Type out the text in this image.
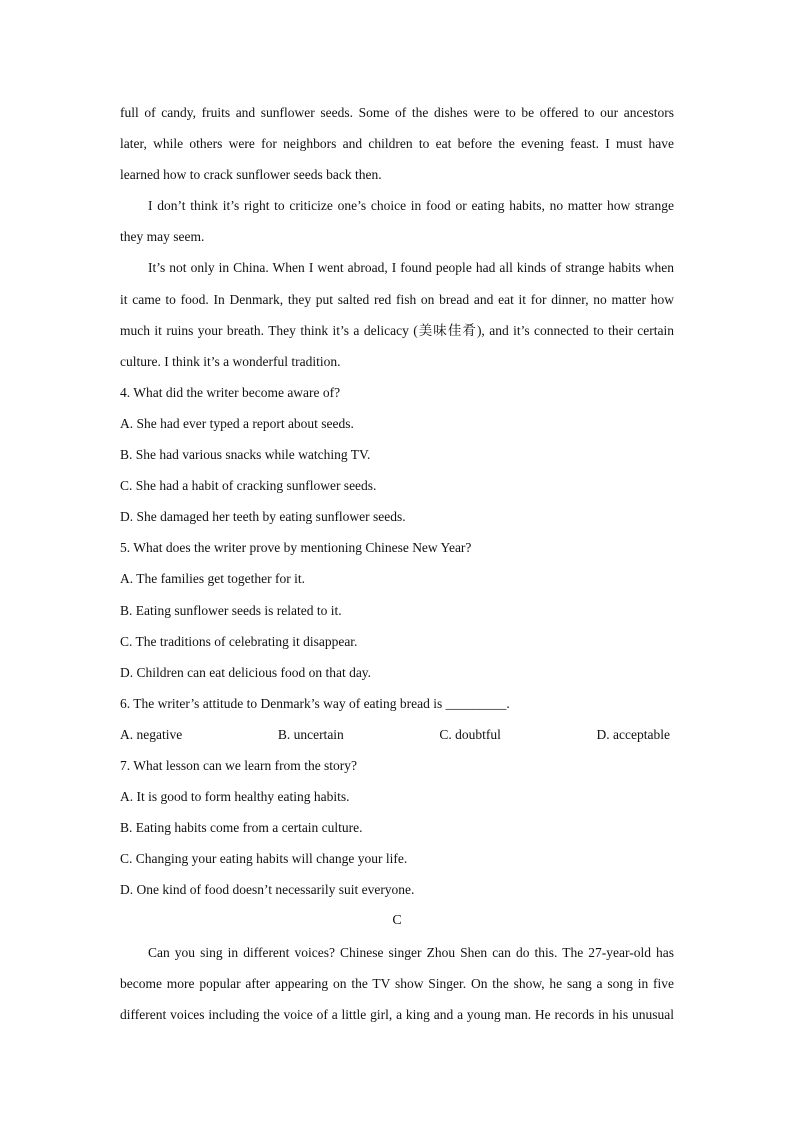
full of candy, fruits and sunflower seeds. Some of the dishes were to be offered to our ancestors
later, while others were for neighbors and children to eat before the evening feast. I must have
learned how to crack sunflower seeds back then.
I don’t think it’s right to criticize one’s choice in food or eating habits, no matter how strange
they may seem.
It’s not only in China. When I went abroad, I found people had all kinds of strange habits when
it came to food. In Denmark, they put salted red fish on bread and eat it for dinner, no matter how
much it ruins your breath. They think it’s a delicacy (美味佳肴), and it’s connected to their certain
culture. I think it’s a wonderful tradition.
4. What did the writer become aware of?
A. She had ever typed a report about seeds.
B. She had various snacks while watching TV.
C. She had a habit of cracking sunflower seeds.
D. She damaged her teeth by eating sunflower seeds.
5. What does the writer prove by mentioning Chinese New Year?
A. The families get together for it.
B. Eating sunflower seeds is related to it.
C. The traditions of celebrating it disappear.
D. Children can eat delicious food on that day.
6. The writer’s attitude to Denmark’s way of eating bread is _________.
A. negative	B. uncertain	C. doubtful	D. acceptable
7. What lesson can we learn from the story?
A. It is good to form healthy eating habits.
B. Eating habits come from a certain culture.
C. Changing your eating habits will change your life.
D. One kind of food doesn’t necessarily suit everyone.
C
Can you sing in different voices? Chinese singer Zhou Shen can do this. The 27-year-old has
become more popular after appearing on the TV show Singer. On the show, he sang a song in five
different voices including the voice of a little girl, a king and a young man. He records in his unusual
